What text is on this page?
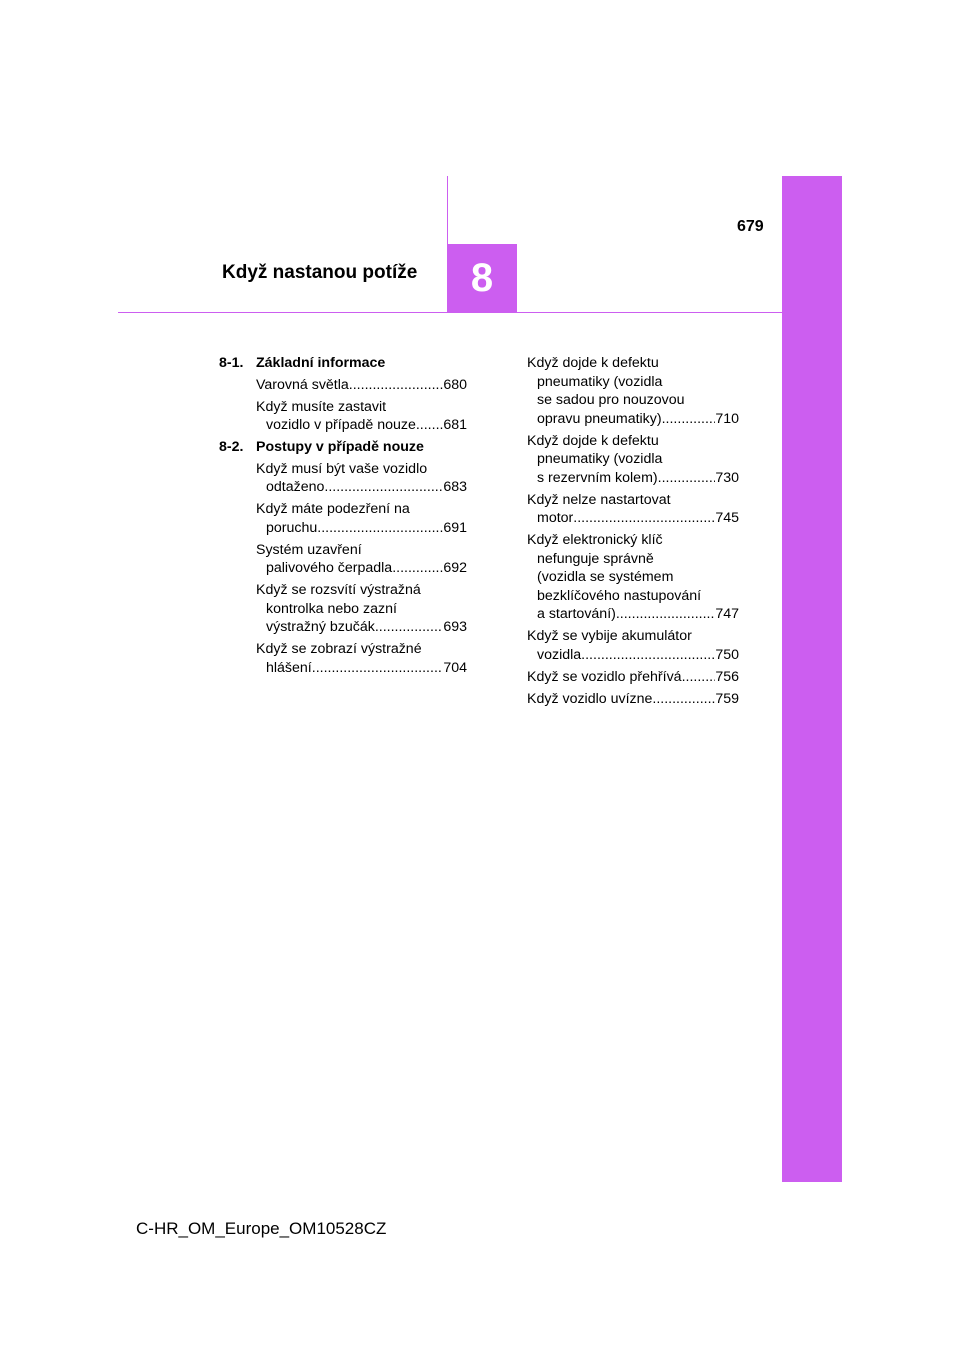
8
Když nastanou potíže
679
8-1. Základní informace
Varovná světla .....	680
Když musíte zastavit
vozidlo v případě nouze ..... 681
8-2. Postupy v případě nouze
Když musí být vaše vozidlo
odtaženo .....	683
Když máte podezření na
poruchu .....	691
Systém uzavření
palivového čerpadla .....	692
Když se rozsvítí výstražná
kontrolka nebo zazní
výstražný bzučák .....	693
Když se zobrazí výstražné
hlášení .....	704
Když dojde k defektu
pneumatiky (vozidla
se sadou pro nouzovou
opravu pneumatiky) .....	710
Když dojde k defektu
pneumatiky (vozidla
s rezervním kolem) .....	730
Když nelze nastartovat
motor .....	745
Když elektronický klíč
nefunguje správně
(vozidla se systémem
bezklíčového nastupování
a startování) .....	747
Když se vybije akumulátor
vozidla .....	750
Když se vozidlo přehřívá ..... 756
Když vozidlo uvízne .....	759
C-HR_OM_Europe_OM10528CZ
